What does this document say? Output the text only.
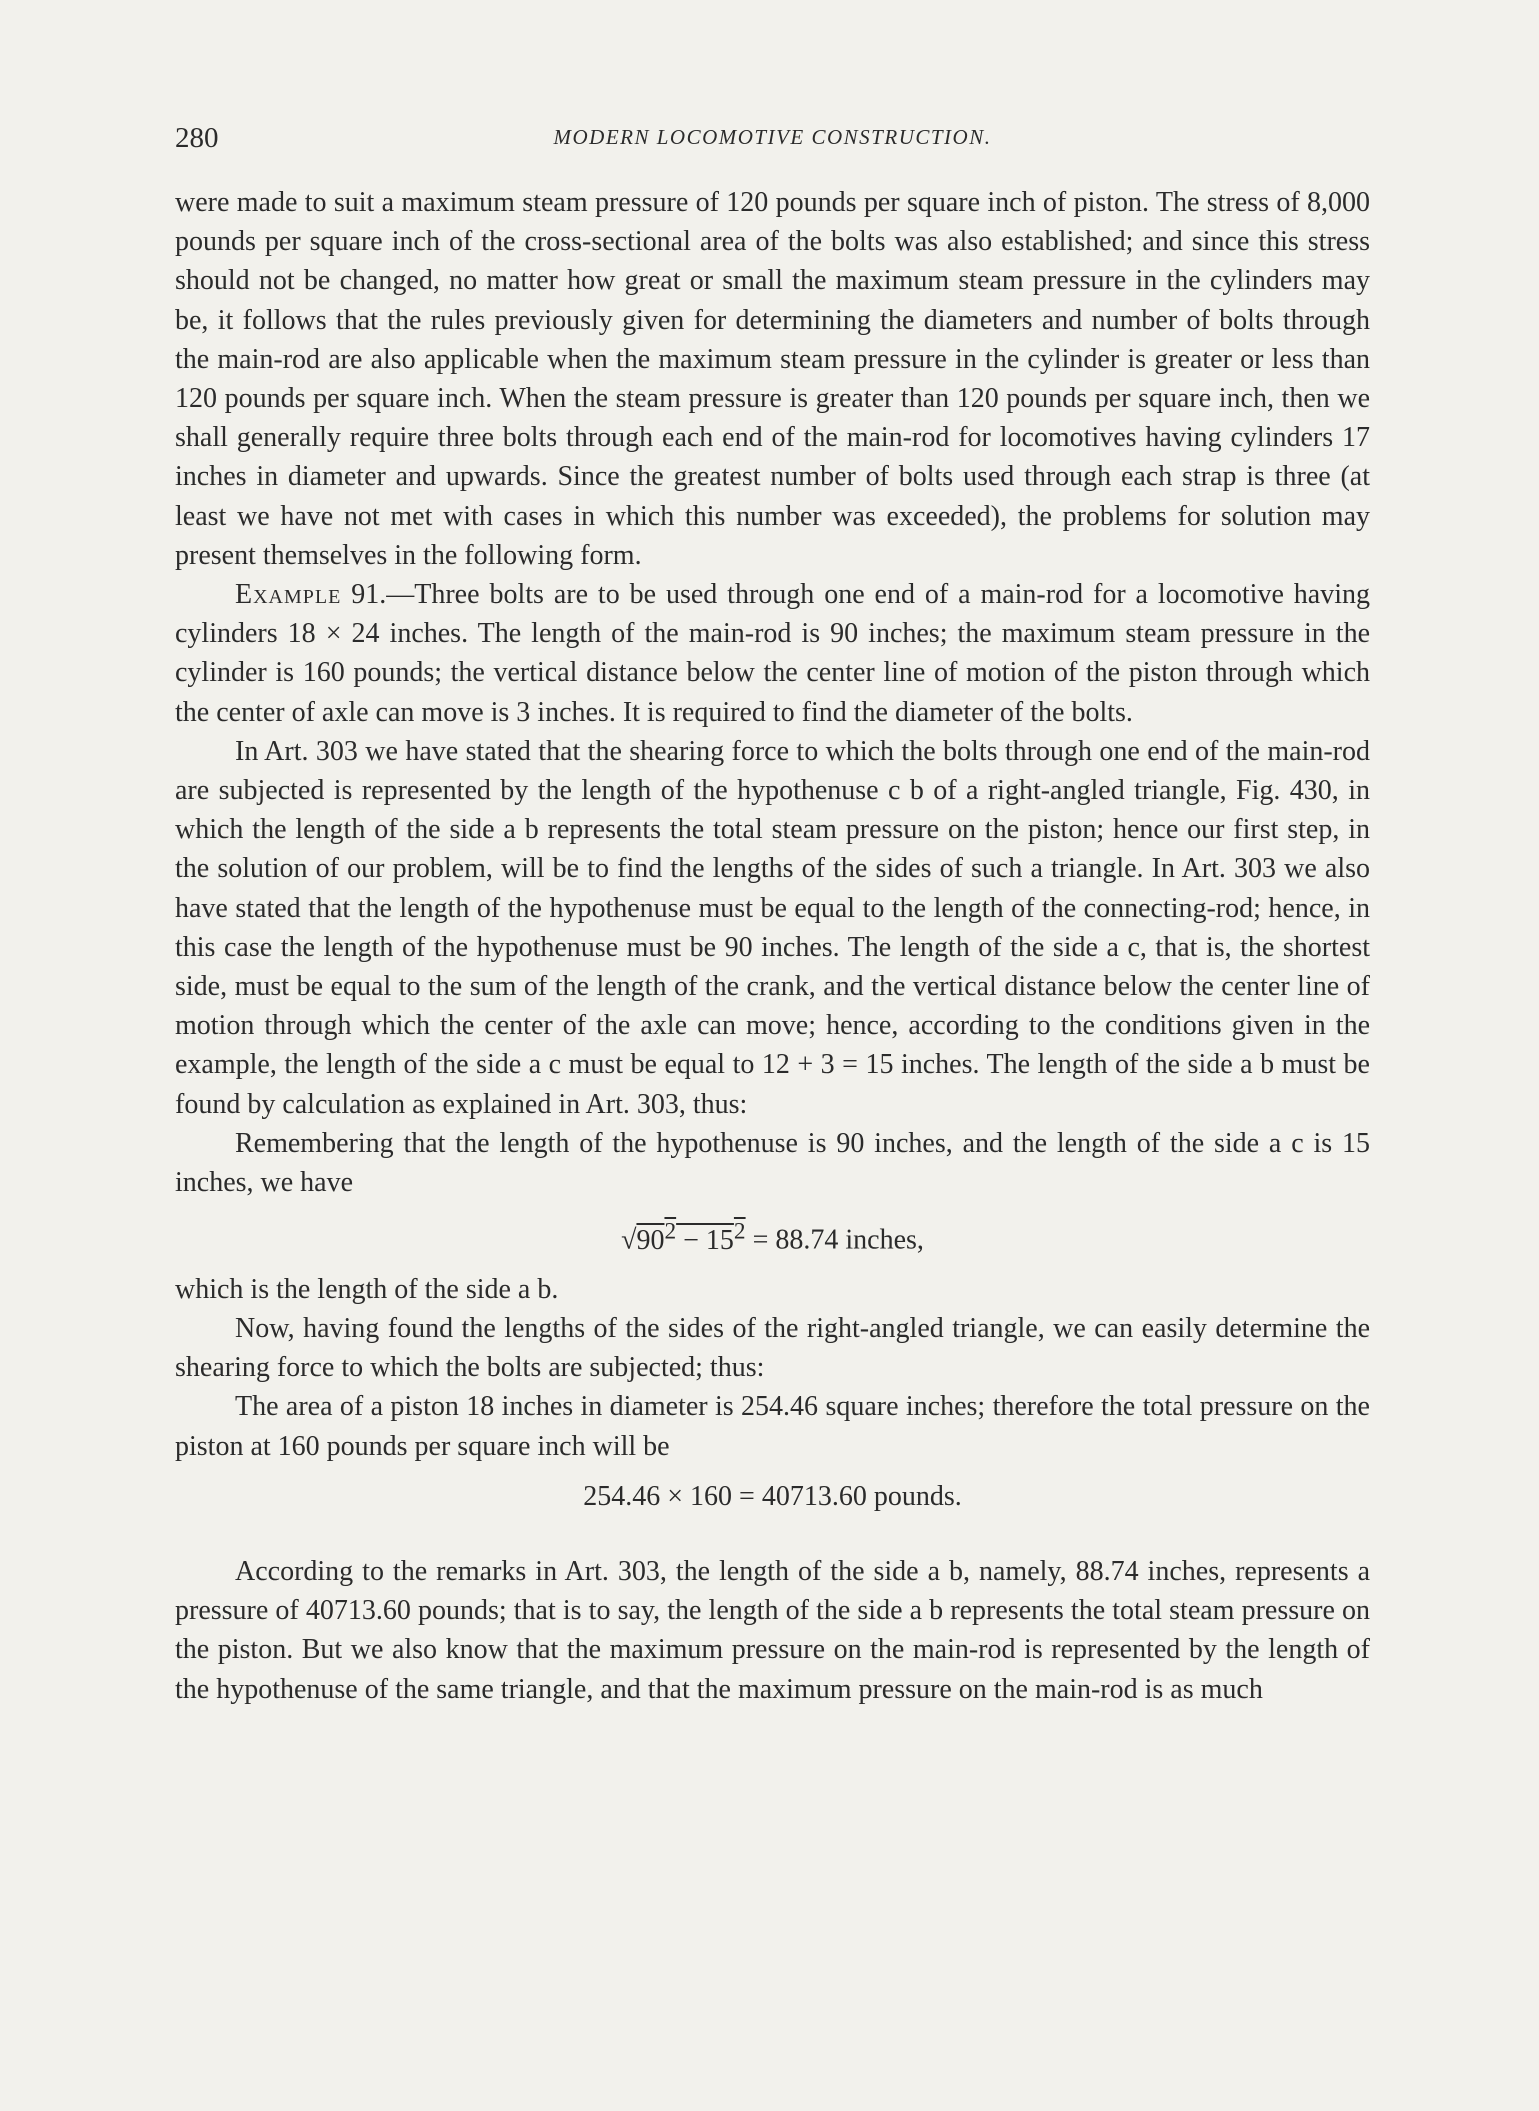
280	MODERN LOCOMOTIVE CONSTRUCTION.

were made to suit a maximum steam pressure of 120 pounds per square inch of piston. The stress of 8,000 pounds per square inch of the cross-sectional area of the bolts was also established; and since this stress should not be changed, no matter how great or small the maximum steam pressure in the cylinders may be, it follows that the rules previously given for determining the diameters and number of bolts through the main-rod are also applicable when the maximum steam pressure in the cylinder is greater or less than 120 pounds per square inch. When the steam pressure is greater than 120 pounds per square inch, then we shall generally require three bolts through each end of the main-rod for locomotives having cylinders 17 inches in diameter and upwards. Since the greatest number of bolts used through each strap is three (at least we have not met with cases in which this number was exceeded), the problems for solution may present themselves in the following form.

Example 91.—Three bolts are to be used through one end of a main-rod for a locomotive having cylinders 18 × 24 inches. The length of the main-rod is 90 inches; the maximum steam pressure in the cylinder is 160 pounds; the vertical distance below the center line of motion of the piston through which the center of axle can move is 3 inches. It is required to find the diameter of the bolts.

In Art. 303 we have stated that the shearing force to which the bolts through one end of the main-rod are subjected is represented by the length of the hypothenuse c b of a right-angled triangle, Fig. 430, in which the length of the side a b represents the total steam pressure on the piston; hence our first step, in the solution of our problem, will be to find the lengths of the sides of such a triangle. In Art. 303 we also have stated that the length of the hypothenuse must be equal to the length of the connecting-rod; hence, in this case the length of the hypothenuse must be 90 inches. The length of the side a c, that is, the shortest side, must be equal to the sum of the length of the crank, and the vertical distance below the center line of motion through which the center of the axle can move; hence, according to the conditions given in the example, the length of the side a c must be equal to 12 + 3 = 15 inches. The length of the side a b must be found by calculation as explained in Art. 303, thus:

Remembering that the length of the hypothenuse is 90 inches, and the length of the side a c is 15 inches, we have

$√90^2 - 15^2 = 88.74$ inches,

which is the length of the side a b.

Now, having found the lengths of the sides of the right-angled triangle, we can easily determine the shearing force to which the bolts are subjected; thus:

The area of a piston 18 inches in diameter is 254.46 square inches; therefore the total pressure on the piston at 160 pounds per square inch will be

254.46 × 160 = 40713.60 pounds.

According to the remarks in Art. 303, the length of the side a b, namely, 88.74 inches, represents a pressure of 40713.60 pounds; that is to say, the length of the side a b represents the total steam pressure on the piston. But we also know that the maximum pressure on the main-rod is represented by the length of the hypothenuse of the same triangle, and that the maximum pressure on the main-rod is as much
